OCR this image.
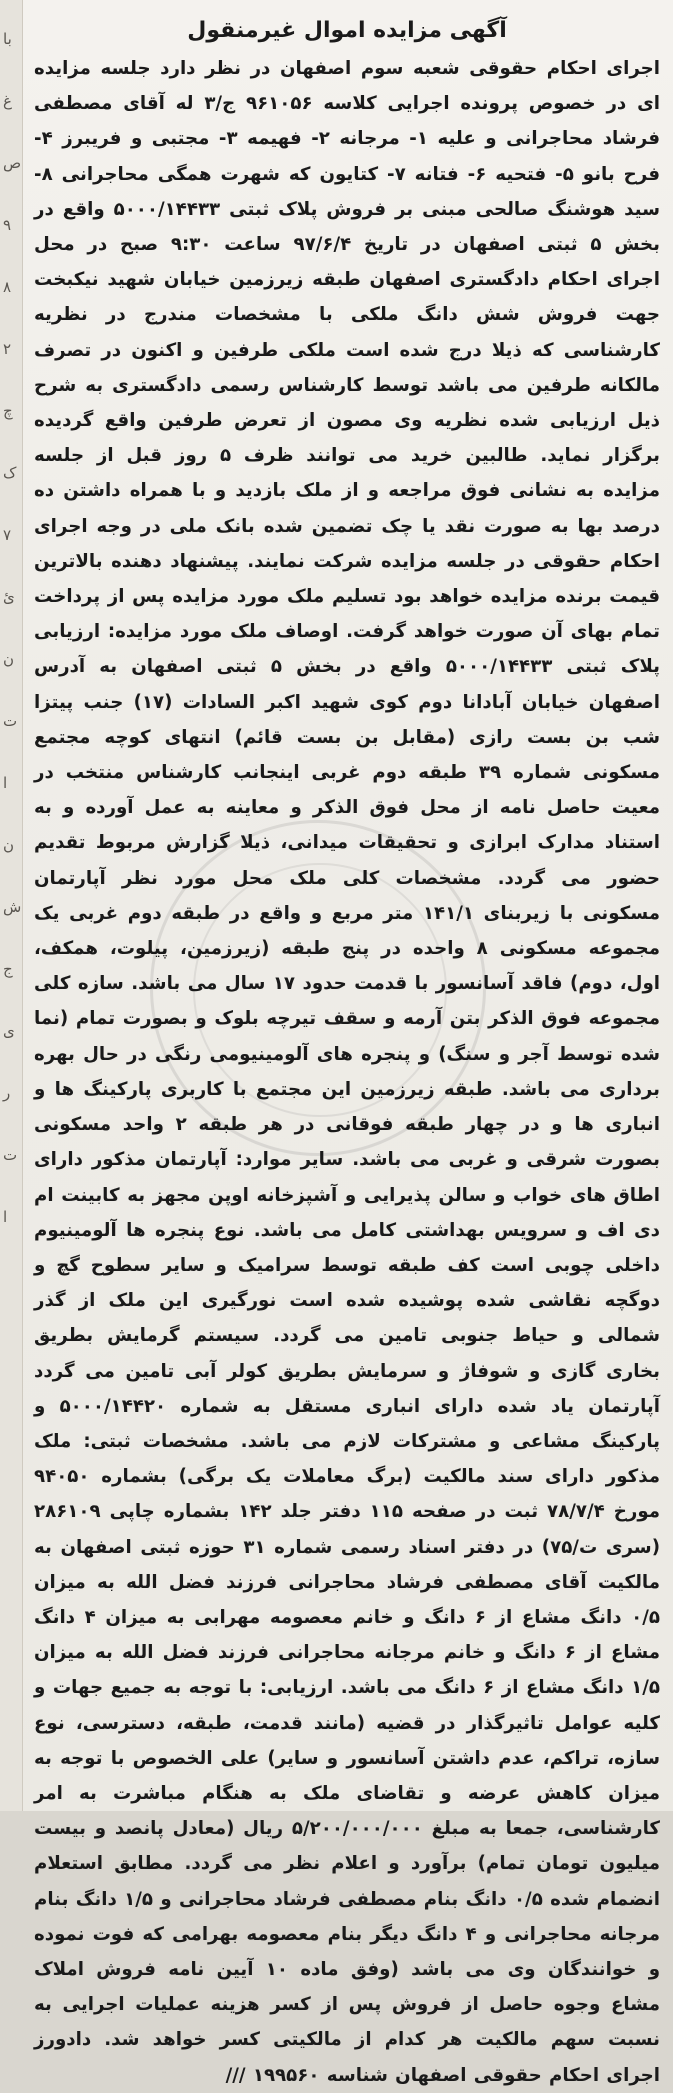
با
غ
ص
۹
۸
۲
چ
ک
۷
ئ
ن
ت
ا
ن
ش
ج
ی
ر
ت
ا
آگهی مزایده اموال غیرمنقول
اجرای احکام حقوقی شعبه سوم اصفهان در نظر دارد جلسه مزایده ای در خصوص پرونده اجرایی کلاسه ۹۶۱۰۵۶ ج/۳ له آقای مصطفی فرشاد محاجرانی و علیه ۱- مرجانه ۲- فهیمه ۳- مجتبی و فریبرز ۴- فرح بانو ۵- فتحیه ۶- فتانه ۷- کتایون که شهرت همگی محاجرانی ۸- سید هوشنگ صالحی مبنی بر فروش پلاک ثبتی ۵۰۰۰/۱۴۴۳۳ واقع در بخش ۵ ثبتی اصفهان در تاریخ ۹۷/۶/۴ ساعت ۹:۳۰ صبح در محل اجرای احکام دادگستری اصفهان طبقه زیرزمین خیابان شهید نیکبخت جهت فروش شش دانگ ملکی با مشخصات مندرج در نظریه کارشناسی که ذیلا درج شده است ملکی طرفین و اکنون در تصرف مالکانه طرفین می باشد توسط کارشناس رسمی دادگستری به شرح ذیل ارزیابی شده نظریه وی مصون از تعرض طرفین واقع گردیده برگزار نماید. طالبین خرید می توانند ظرف ۵ روز قبل از جلسه مزایده به نشانی فوق مراجعه و از ملک بازدید و با همراه داشتن ده درصد بها به صورت نقد یا چک تضمین شده بانک ملی در وجه اجرای احکام حقوقی در جلسه مزایده شرکت نمایند. پیشنهاد دهنده بالاترین قیمت برنده مزایده خواهد بود تسلیم ملک مورد مزایده پس از پرداخت تمام بهای آن صورت خواهد گرفت. اوصاف ملک مورد مزایده: ارزیابی پلاک ثبتی ۵۰۰۰/۱۴۴۳۳ واقع در بخش ۵ ثبتی اصفهان به آدرس اصفهان خیابان آبادانا دوم کوی شهید اکبر السادات (۱۷) جنب پیتزا شب بن بست رازی (مقابل بن بست قائم) انتهای کوچه مجتمع مسکونی شماره ۳۹ طبقه دوم غربی اینجانب کارشناس منتخب در معیت حاصل نامه از محل فوق الذکر و معاینه به عمل آورده و به استناد مدارک ابرازی و تحقیقات میدانی، ذیلا گزارش مربوط تقدیم حضور می گردد. مشخصات کلی ملک محل مورد نظر آپارتمان مسکونی با زیربنای ۱۴۱/۱ متر مربع و واقع در طبقه دوم غربی یک مجموعه مسکونی ۸ واحده در پنج طبقه (زیرزمین، پیلوت، همکف، اول، دوم) فاقد آسانسور با قدمت حدود ۱۷ سال می باشد. سازه کلی مجموعه فوق الذکر بتن آرمه و سقف تیرچه بلوک و بصورت تمام (نما شده توسط آجر و سنگ) و پنجره های آلومینیومی رنگی در حال بهره برداری می باشد. طبقه زیرزمین این مجتمع با کاربری پارکینگ ها و انباری ها و در چهار طبقه فوقانی در هر طبقه ۲ واحد مسکونی بصورت شرقی و غربی می باشد. سایر موارد: آپارتمان مذکور دارای اطاق های خواب و سالن پذیرایی و آشپزخانه اوپن مجهز به کابینت ام دی اف و سرویس بهداشتی کامل می باشد. نوع پنجره ها آلومینیوم داخلی چوبی است کف طبقه توسط سرامیک و سایر سطوح گچ و دوگچه نقاشی شده پوشیده شده است نورگیری این ملک از گذر شمالی و حیاط جنوبی تامین می گردد. سیستم گرمایش بطریق بخاری گازی و شوفاژ و سرمایش بطریق کولر آبی تامین می گردد آپارتمان یاد شده دارای انباری مستقل به شماره ۵۰۰۰/۱۴۴۲۰ و پارکینگ مشاعی و مشترکات لازم می باشد. مشخصات ثبتی: ملک مذکور دارای سند مالکیت (برگ معاملات یک برگی) بشماره ۹۴۰۵۰ مورخ ۷۸/۷/۴ ثبت در صفحه ۱۱۵ دفتر جلد ۱۴۲ بشماره چاپی ۲۸۶۱۰۹ (سری ت/۷۵) در دفتر اسناد رسمی شماره ۳۱ حوزه ثبتی اصفهان به مالکیت آقای مصطفی فرشاد محاجرانی فرزند فضل الله به میزان ۰/۵ دانگ مشاع از ۶ دانگ و خانم معصومه مهرابی به میزان ۴ دانگ مشاع از ۶ دانگ و خانم مرجانه محاجرانی فرزند فضل الله به میزان ۱/۵ دانگ مشاع از ۶ دانگ می باشد. ارزیابی: با توجه به جمیع جهات و کلیه عوامل تاثیرگذار در قضیه (مانند قدمت، طبقه، دسترسی، نوع سازه، تراکم، عدم داشتن آسانسور و سایر) علی الخصوص با توجه به میزان کاهش عرضه و تقاضای ملک به هنگام مباشرت به امر کارشناسی، جمعا به مبلغ ۵/۲۰۰/۰۰۰/۰۰۰ ریال (معادل پانصد و بیست میلیون تومان تمام) برآورد و اعلام نظر می گردد. مطابق استعلام انضمام شده ۰/۵ دانگ بنام مصطفی فرشاد محاجرانی و ۱/۵ دانگ بنام مرجانه محاجرانی و ۴ دانگ دیگر بنام معصومه بهرامی که فوت نموده و خوانندگان وی می باشد (وفق ماده ۱۰ آیین نامه فروش املاک مشاع وجوه حاصل از فروش پس از کسر هزینه عملیات اجرایی به نسبت سهم مالکیت هر کدام از مالکیتی کسر خواهد شد. دادورز اجرای احکام حقوقی اصفهان شناسه ۱۹۹۵۶۰ ///
